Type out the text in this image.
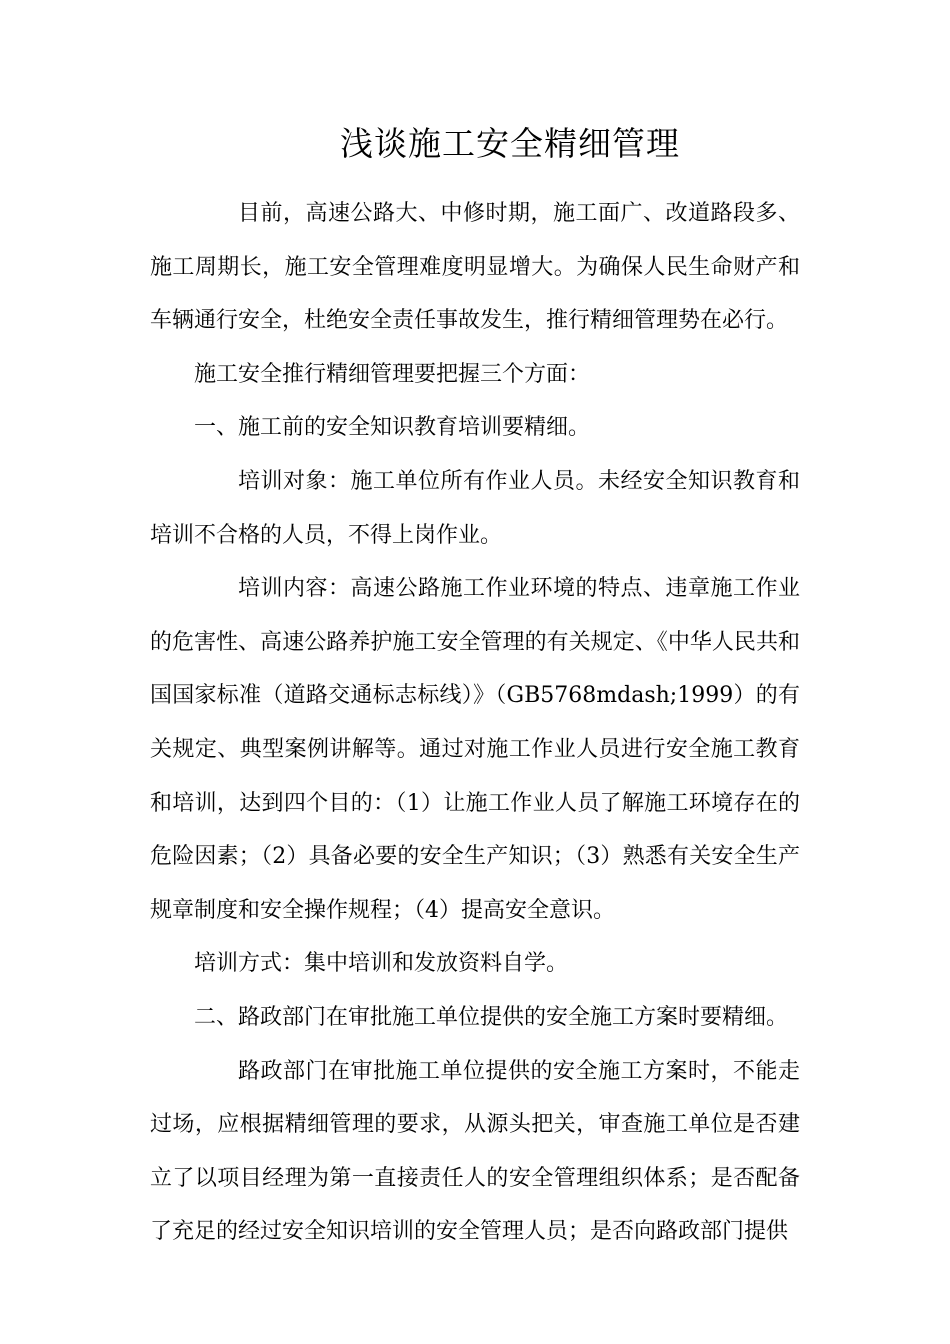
浅谈施工安全精细管理

目前，高速公路大、中修时期，施工面广、改道路段多、施工周期长，施工安全管理难度明显增大。为确保人民生命财产和车辆通行安全，杜绝安全责任事故发生，推行精细管理势在必行。

施工安全推行精细管理要把握三个方面：

一、施工前的安全知识教育培训要精细。

培训对象：施工单位所有作业人员。未经安全知识教育和培训不合格的人员，不得上岗作业。

培训内容：高速公路施工作业环境的特点、违章施工作业的危害性、高速公路养护施工安全管理的有关规定、《中华人民共和国国家标准（道路交通标志标线）》（GB5768mdash;1999）的有关规定、典型案例讲解等。通过对施工作业人员进行安全施工教育和培训，达到四个目的：（1）让施工作业人员了解施工环境存在的危险因素；（2）具备必要的安全生产知识；（3）熟悉有关安全生产规章制度和安全操作规程；（4）提高安全意识。

培训方式：集中培训和发放资料自学。

二、路政部门在审批施工单位提供的安全施工方案时要精细。

路政部门在审批施工单位提供的安全施工方案时，不能走过场，应根据精细管理的要求，从源头把关，审查施工单位是否建立了以项目经理为第一直接责任人的安全管理组织体系；是否配备了充足的经过安全知识培训的安全管理人员；是否向路政部门提供
